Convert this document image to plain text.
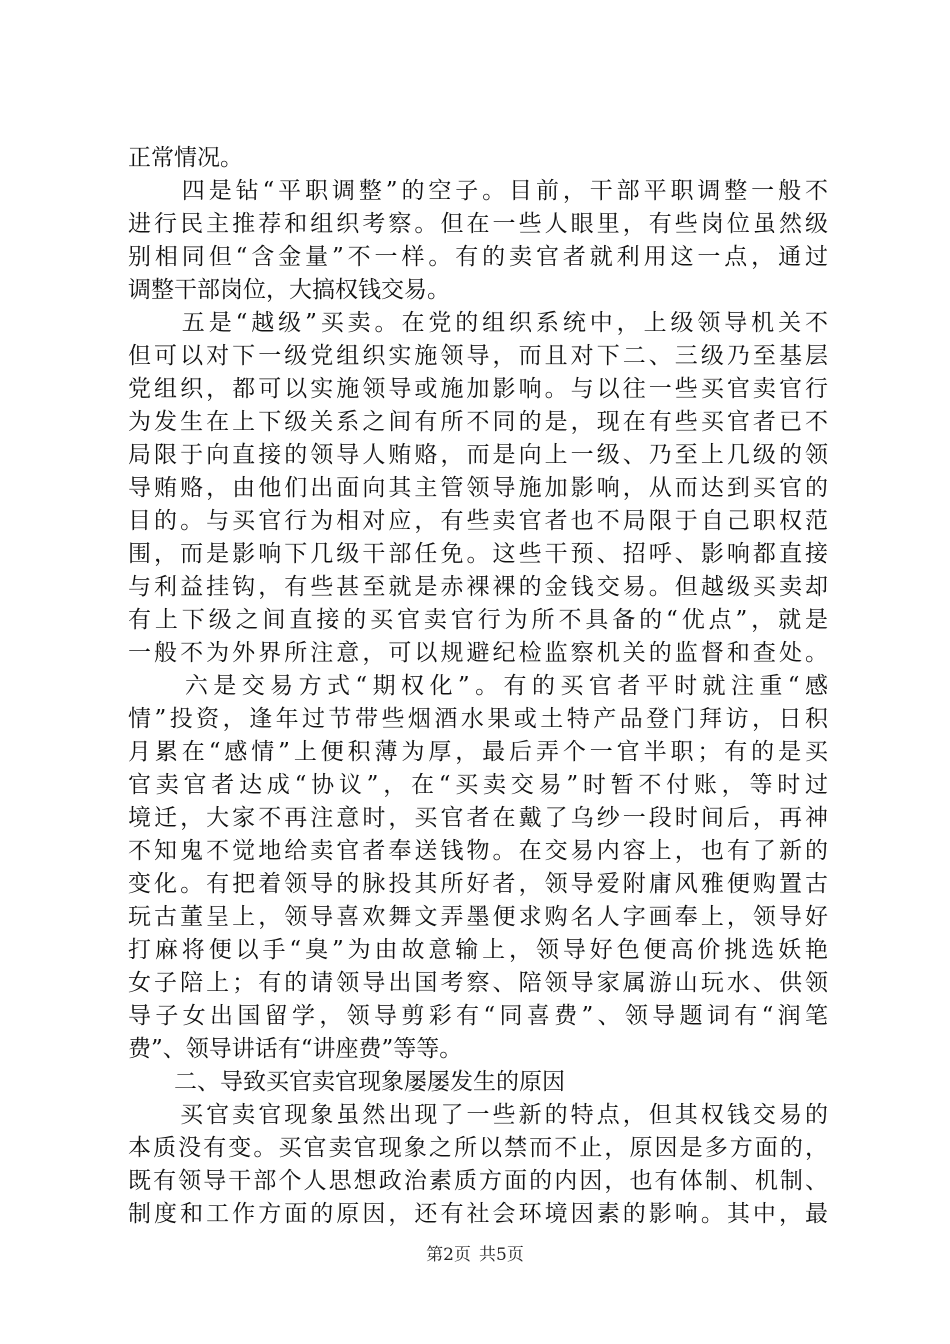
正常情况。
　　四是钻“平职调整”的空子。目前，干部平职调整一般不
进行民主推荐和组织考察。但在一些人眼里，有些岗位虽然级
别相同但“含金量”不一样。有的卖官者就利用这一点，通过
调整干部岗位，大搞权钱交易。
　　五是“越级”买卖。在党的组织系统中，上级领导机关不
但可以对下一级党组织实施领导，而且对下二、三级乃至基层
党组织，都可以实施领导或施加影响。与以往一些买官卖官行
为发生在上下级关系之间有所不同的是，现在有些买官者已不
局限于向直接的领导人贿赂，而是向上一级、乃至上几级的领
导贿赂，由他们出面向其主管领导施加影响，从而达到买官的
目的。与买官行为相对应，有些卖官者也不局限于自己职权范
围，而是影响下几级干部任免。这些干预、招呼、影响都直接
与利益挂钩，有些甚至就是赤裸裸的金钱交易。但越级买卖却
有上下级之间直接的买官卖官行为所不具备的“优点”，就是
一般不为外界所注意，可以规避纪检监察机关的监督和查处。
　　六是交易方式“期权化”。有的买官者平时就注重“感
情”投资，逢年过节带些烟酒水果或土特产品登门拜访，日积
月累在“感情”上便积薄为厚，最后弄个一官半职；有的是买
官卖官者达成“协议”，在“买卖交易”时暂不付账，等时过
境迁，大家不再注意时，买官者在戴了乌纱一段时间后，再神
不知鬼不觉地给卖官者奉送钱物。在交易内容上，也有了新的
变化。有把着领导的脉投其所好者，领导爱附庸风雅便购置古
玩古董呈上，领导喜欢舞文弄墨便求购名人字画奉上，领导好
打麻将便以手“臭”为由故意输上，领导好色便高价挑选妖艳
女子陪上；有的请领导出国考察、陪领导家属游山玩水、供领
导子女出国留学，领导剪彩有“同喜费”、领导题词有“润笔
费”、领导讲话有“讲座费”等等。
　　二、导致买官卖官现象屡屡发生的原因
　　买官卖官现象虽然出现了一些新的特点，但其权钱交易的
本质没有变。买官卖官现象之所以禁而不止，原因是多方面的，
既有领导干部个人思想政治素质方面的内因，也有体制、机制、
制度和工作方面的原因，还有社会环境因素的影响。其中，最
第2页 共5页
